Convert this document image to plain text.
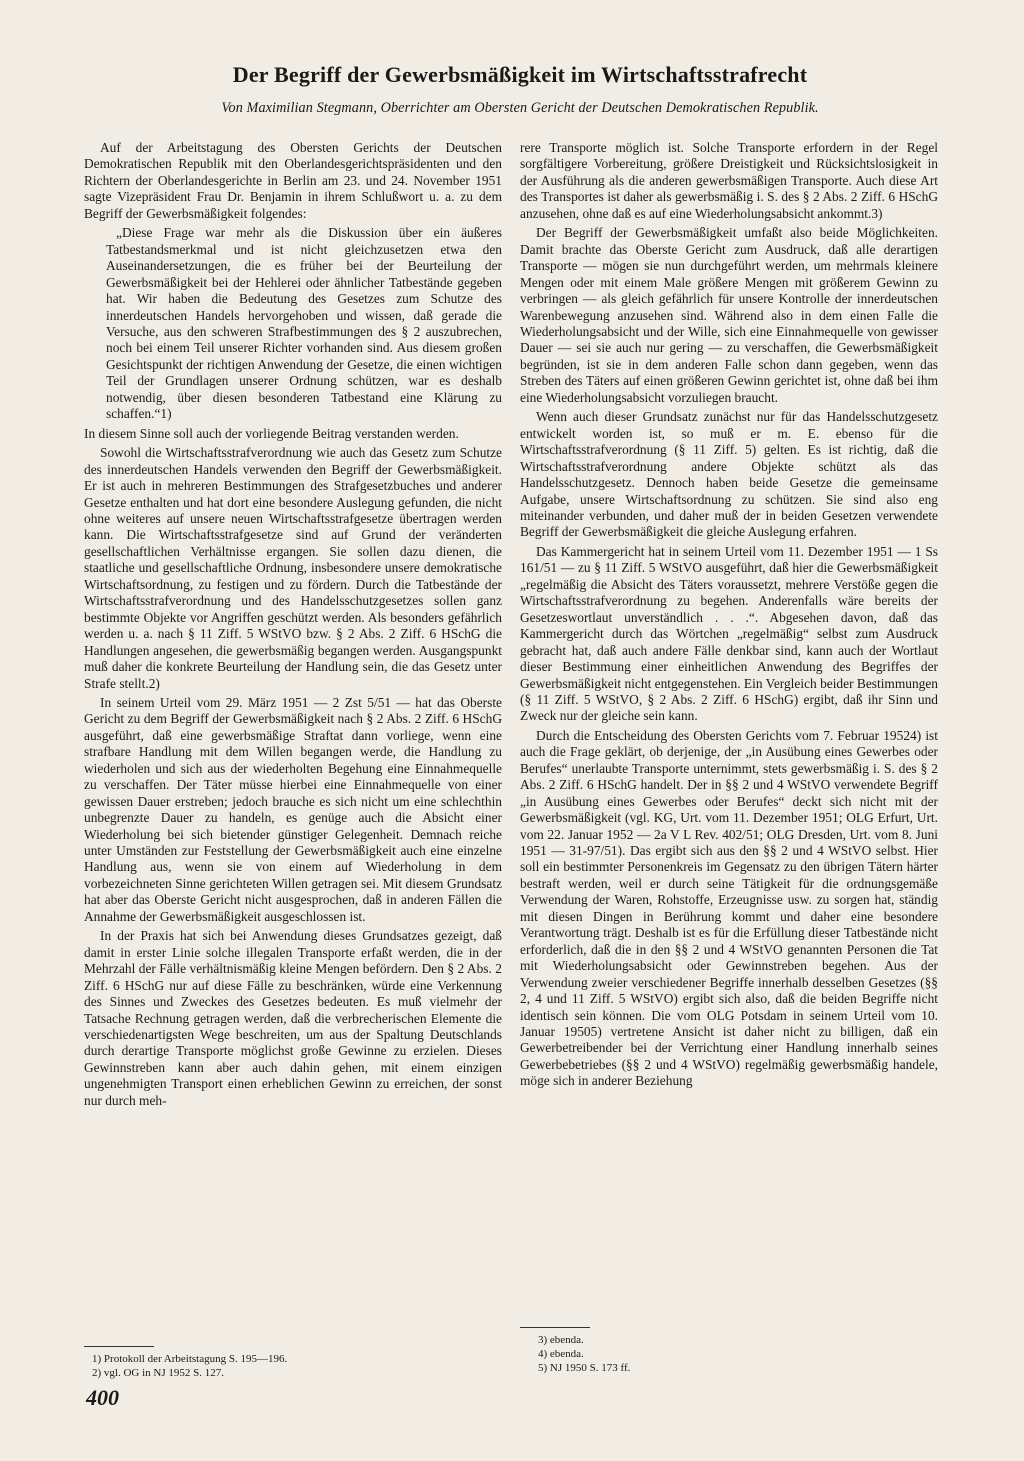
Der Begriff der Gewerbsmäßigkeit im Wirtschaftsstrafrecht
Von Maximilian Stegmann, Oberrichter am Obersten Gericht der Deutschen Demokratischen Republik.

Auf der Arbeitstagung des Obersten Gerichts der Deutschen Demokratischen Republik mit den Oberlandesgerichtspräsidenten und den Richtern der Oberlandesgerichte in Berlin am 23. und 24. November 1951 sagte Vizepräsident Frau Dr. Benjamin in ihrem Schlußwort u. a. zu dem Begriff der Gewerbsmäßigkeit folgendes:

„Diese Frage war mehr als die Diskussion über ein äußeres Tatbestandsmerkmal und ist nicht gleichzusetzen etwa den Auseinandersetzungen, die es früher bei der Beurteilung der Gewerbsmäßigkeit bei der Hehlerei oder ähnlicher Tatbestände gegeben hat. Wir haben die Bedeutung des Gesetzes zum Schutze des innerdeutschen Handels hervorgehoben und wissen, daß gerade die Versuche, aus den schweren Strafbestimmungen des § 2 auszubrechen, noch bei einem Teil unserer Richter vorhanden sind. Aus diesem großen Gesichtspunkt der richtigen Anwendung der Gesetze, die einen wichtigen Teil der Grundlagen unserer Ordnung schützen, war es deshalb notwendig, über diesen besonderen Tatbestand eine Klärung zu schaffen.“1)

In diesem Sinne soll auch der vorliegende Beitrag verstanden werden.

Sowohl die Wirtschaftsstrafverordnung wie auch das Gesetz zum Schutze des innerdeutschen Handels verwenden den Begriff der Gewerbsmäßigkeit. Er ist auch in mehreren Bestimmungen des Strafgesetzbuches und anderer Gesetze enthalten und hat dort eine besondere Auslegung gefunden, die nicht ohne weiteres auf unsere neuen Wirtschaftsstrafgesetze übertragen werden kann. Die Wirtschaftsstrafgesetze sind auf Grund der veränderten gesellschaftlichen Verhältnisse ergangen. Sie sollen dazu dienen, die staatliche und gesellschaftliche Ordnung, insbesondere unsere demokratische Wirtschaftsordnung, zu festigen und zu fördern. Durch die Tatbestände der Wirtschaftsstrafverordnung und des Handelsschutzgesetzes sollen ganz bestimmte Objekte vor Angriffen geschützt werden. Als besonders gefährlich werden u. a. nach § 11 Ziff. 5 WStVO bzw. § 2 Abs. 2 Ziff. 6 HSchG die Handlungen angesehen, die gewerbsmäßig begangen werden. Ausgangspunkt muß daher die konkrete Beurteilung der Handlung sein, die das Gesetz unter Strafe stellt.2)

In seinem Urteil vom 29. März 1951 — 2 Zst 5/51 — hat das Oberste Gericht zu dem Begriff der Gewerbsmäßigkeit nach § 2 Abs. 2 Ziff. 6 HSchG ausgeführt, daß eine gewerbsmäßige Straftat dann vorliege, wenn eine strafbare Handlung mit dem Willen begangen werde, die Handlung zu wiederholen und sich aus der wiederholten Begehung eine Einnahmequelle zu verschaffen. Der Täter müsse hierbei eine Einnahmequelle von einer gewissen Dauer erstreben; jedoch brauche es sich nicht um eine schlechthin unbegrenzte Dauer zu handeln, es genüge auch die Absicht einer Wiederholung bei sich bietender günstiger Gelegenheit. Demnach reiche unter Umständen zur Feststellung der Gewerbsmäßigkeit auch eine einzelne Handlung aus, wenn sie von einem auf Wiederholung in dem vorbezeichneten Sinne gerichteten Willen getragen sei. Mit diesem Grundsatz hat aber das Oberste Gericht nicht ausgesprochen, daß in anderen Fällen die Annahme der Gewerbsmäßigkeit ausgeschlossen ist.

In der Praxis hat sich bei Anwendung dieses Grundsatzes gezeigt, daß damit in erster Linie solche illegalen Transporte erfaßt werden, die in der Mehrzahl der Fälle verhältnismäßig kleine Mengen befördern. Den § 2 Abs. 2 Ziff. 6 HSchG nur auf diese Fälle zu beschränken, würde eine Verkennung des Sinnes und Zweckes des Gesetzes bedeuten. Es muß vielmehr der Tatsache Rechnung getragen werden, daß die verbrecherischen Elemente die verschiedenartigsten Wege beschreiten, um aus der Spaltung Deutschlands durch derartige Transporte möglichst große Gewinne zu erzielen. Dieses Gewinnstreben kann aber auch dahin gehen, mit einem einzigen ungenehmigten Transport einen erheblichen Gewinn zu erreichen, der sonst nur durch meh-

rere Transporte möglich ist. Solche Transporte erfordern in der Regel sorgfältigere Vorbereitung, größere Dreistigkeit und Rücksichtslosigkeit in der Ausführung als die anderen gewerbsmäßigen Transporte. Auch diese Art des Transportes ist daher als gewerbsmäßig i. S. des § 2 Abs. 2 Ziff. 6 HSchG anzusehen, ohne daß es auf eine Wiederholungsabsicht ankommt.3)

Der Begriff der Gewerbsmäßigkeit umfaßt also beide Möglichkeiten. Damit brachte das Oberste Gericht zum Ausdruck, daß alle derartigen Transporte — mögen sie nun durchgeführt werden, um mehrmals kleinere Mengen oder mit einem Male größere Mengen mit größerem Gewinn zu verbringen — als gleich gefährlich für unsere Kontrolle der innerdeutschen Warenbewegung anzusehen sind. Während also in dem einen Falle die Wiederholungsabsicht und der Wille, sich eine Einnahmequelle von gewisser Dauer — sei sie auch nur gering — zu verschaffen, die Gewerbsmäßigkeit begründen, ist sie in dem anderen Falle schon dann gegeben, wenn das Streben des Täters auf einen größeren Gewinn gerichtet ist, ohne daß bei ihm eine Wiederholungsabsicht vorzuliegen braucht.

Wenn auch dieser Grundsatz zunächst nur für das Handelsschutzgesetz entwickelt worden ist, so muß er m. E. ebenso für die Wirtschaftsstrafverordnung (§ 11 Ziff. 5) gelten. Es ist richtig, daß die Wirtschaftsstrafverordnung andere Objekte schützt als das Handelsschutzgesetz. Dennoch haben beide Gesetze die gemeinsame Aufgabe, unsere Wirtschaftsordnung zu schützen. Sie sind also eng miteinander verbunden, und daher muß der in beiden Gesetzen verwendete Begriff der Gewerbsmäßigkeit die gleiche Auslegung erfahren.

Das Kammergericht hat in seinem Urteil vom 11. Dezember 1951 — 1 Ss 161/51 — zu § 11 Ziff. 5 WStVO ausgeführt, daß hier die Gewerbsmäßigkeit „regelmäßig die Absicht des Täters voraussetzt, mehrere Verstöße gegen die Wirtschaftsstrafverordnung zu begehen. Anderenfalls wäre bereits der Gesetzeswortlaut unverständlich . . .“. Abgesehen davon, daß das Kammergericht durch das Wörtchen „regelmäßig“ selbst zum Ausdruck gebracht hat, daß auch andere Fälle denkbar sind, kann auch der Wortlaut dieser Bestimmung einer einheitlichen Anwendung des Begriffes der Gewerbsmäßigkeit nicht entgegenstehen. Ein Vergleich beider Bestimmungen (§ 11 Ziff. 5 WStVO, § 2 Abs. 2 Ziff. 6 HSchG) ergibt, daß ihr Sinn und Zweck nur der gleiche sein kann.

Durch die Entscheidung des Obersten Gerichts vom 7. Februar 19524) ist auch die Frage geklärt, ob derjenige, der „in Ausübung eines Gewerbes oder Berufes“ unerlaubte Transporte unternimmt, stets gewerbsmäßig i. S. des § 2 Abs. 2 Ziff. 6 HSchG handelt. Der in §§ 2 und 4 WStVO verwendete Begriff „in Ausübung eines Gewerbes oder Berufes“ deckt sich nicht mit der Gewerbsmäßigkeit (vgl. KG, Urt. vom 11. Dezember 1951; OLG Erfurt, Urt. vom 22. Januar 1952 — 2a V L Rev. 402/51; OLG Dresden, Urt. vom 8. Juni 1951 — 31-97/51). Das ergibt sich aus den §§ 2 und 4 WStVO selbst. Hier soll ein bestimmter Personenkreis im Gegensatz zu den übrigen Tätern härter bestraft werden, weil er durch seine Tätigkeit für die ordnungsgemäße Verwendung der Waren, Rohstoffe, Erzeugnisse usw. zu sorgen hat, ständig mit diesen Dingen in Berührung kommt und daher eine besondere Verantwortung trägt. Deshalb ist es für die Erfüllung dieser Tatbestände nicht erforderlich, daß die in den §§ 2 und 4 WStVO genannten Personen die Tat mit Wiederholungsabsicht oder Gewinnstreben begehen. Aus der Verwendung zweier verschiedener Begriffe innerhalb desselben Gesetzes (§§ 2, 4 und 11 Ziff. 5 WStVO) ergibt sich also, daß die beiden Begriffe nicht identisch sein können. Die vom OLG Potsdam in seinem Urteil vom 10. Januar 19505) vertretene Ansicht ist daher nicht zu billigen, daß ein Gewerbetreibender bei der Verrichtung einer Handlung innerhalb seines Gewerbebetriebes (§§ 2 und 4 WStVO) regelmäßig gewerbsmäßig handele, möge sich in anderer Beziehung

1) Protokoll der Arbeitstagung S. 195—196.
2) vgl. OG in NJ 1952 S. 127.
3) ebenda.
4) ebenda.
5) NJ 1950 S. 173 ff.
400
